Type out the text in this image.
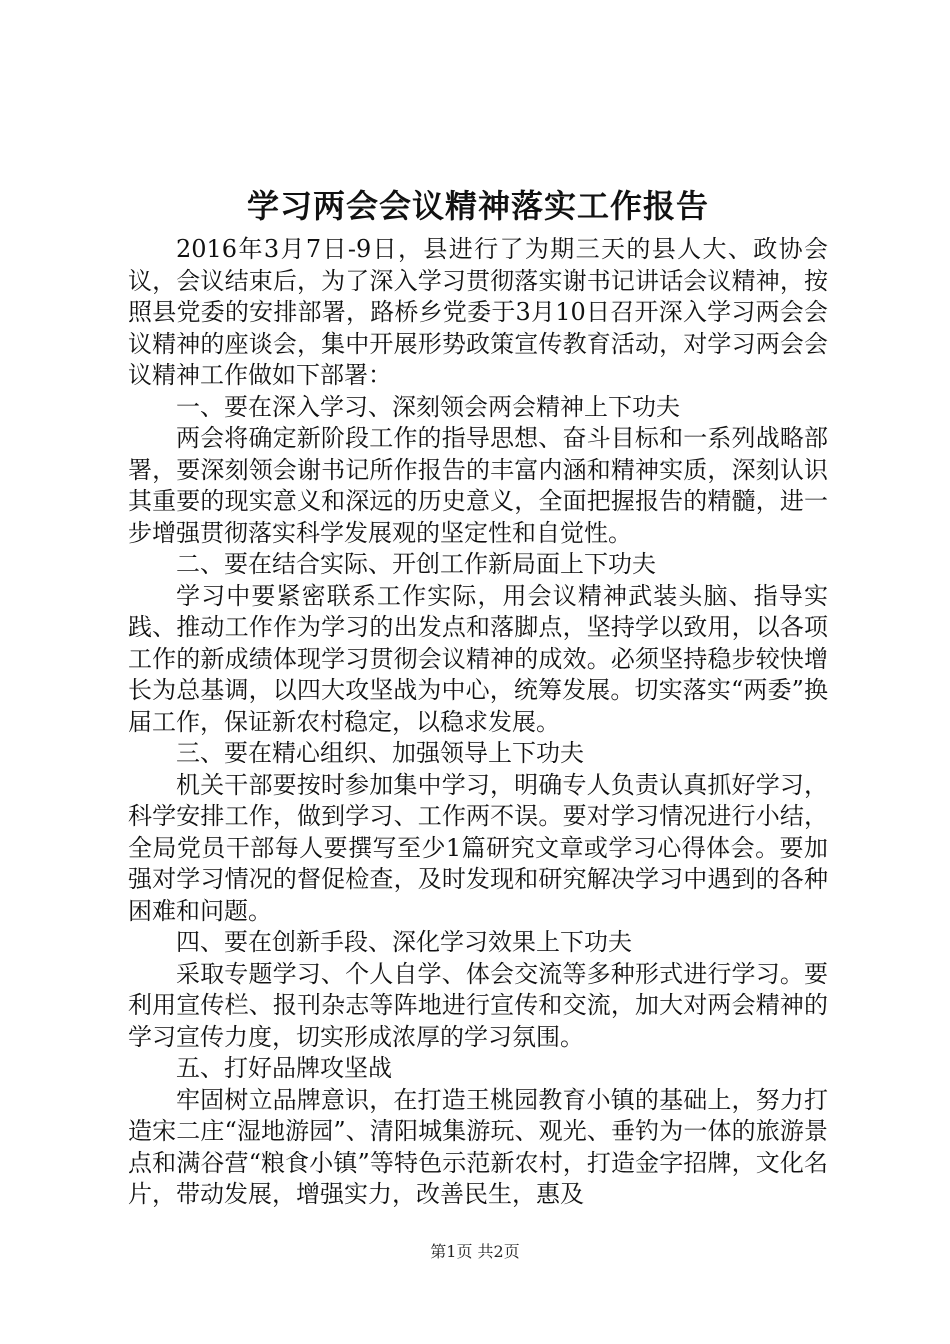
学习两会会议精神落实工作报告

2016年3月7日-9日，县进行了为期三天的县人大、政协会议，会议结束后，为了深入学习贯彻落实谢书记讲话会议精神，按照县党委的安排部署，路桥乡党委于3月10日召开深入学习两会会议精神的座谈会，集中开展形势政策宣传教育活动，对学习两会会议精神工作做如下部署：

一、要在深入学习、深刻领会两会精神上下功夫

两会将确定新阶段工作的指导思想、奋斗目标和一系列战略部署，要深刻领会谢书记所作报告的丰富内涵和精神实质，深刻认识其重要的现实意义和深远的历史意义，全面把握报告的精髓，进一步增强贯彻落实科学发展观的坚定性和自觉性。

二、要在结合实际、开创工作新局面上下功夫

学习中要紧密联系工作实际，用会议精神武装头脑、指导实践、推动工作作为学习的出发点和落脚点，坚持学以致用，以各项工作的新成绩体现学习贯彻会议精神的成效。必须坚持稳步较快增长为总基调，以四大攻坚战为中心，统筹发展。切实落实“两委”换届工作，保证新农村稳定，以稳求发展。

三、要在精心组织、加强领导上下功夫

机关干部要按时参加集中学习，明确专人负责认真抓好学习，科学安排工作，做到学习、工作两不误。要对学习情况进行小结，全局党员干部每人要撰写至少1篇研究文章或学习心得体会。要加强对学习情况的督促检查，及时发现和研究解决学习中遇到的各种困难和问题。

四、要在创新手段、深化学习效果上下功夫

采取专题学习、个人自学、体会交流等多种形式进行学习。要利用宣传栏、报刊杂志等阵地进行宣传和交流，加大对两会精神的学习宣传力度，切实形成浓厚的学习氛围。

五、打好品牌攻坚战

牢固树立品牌意识，在打造王桃园教育小镇的基础上，努力打造宋二庄“湿地游园”、清阳城集游玩、观光、垂钓为一体的旅游景点和满谷营“粮食小镇”等特色示范新农村，打造金字招牌，文化名片，带动发展，增强实力，改善民生，惠及

第1页 共2页
